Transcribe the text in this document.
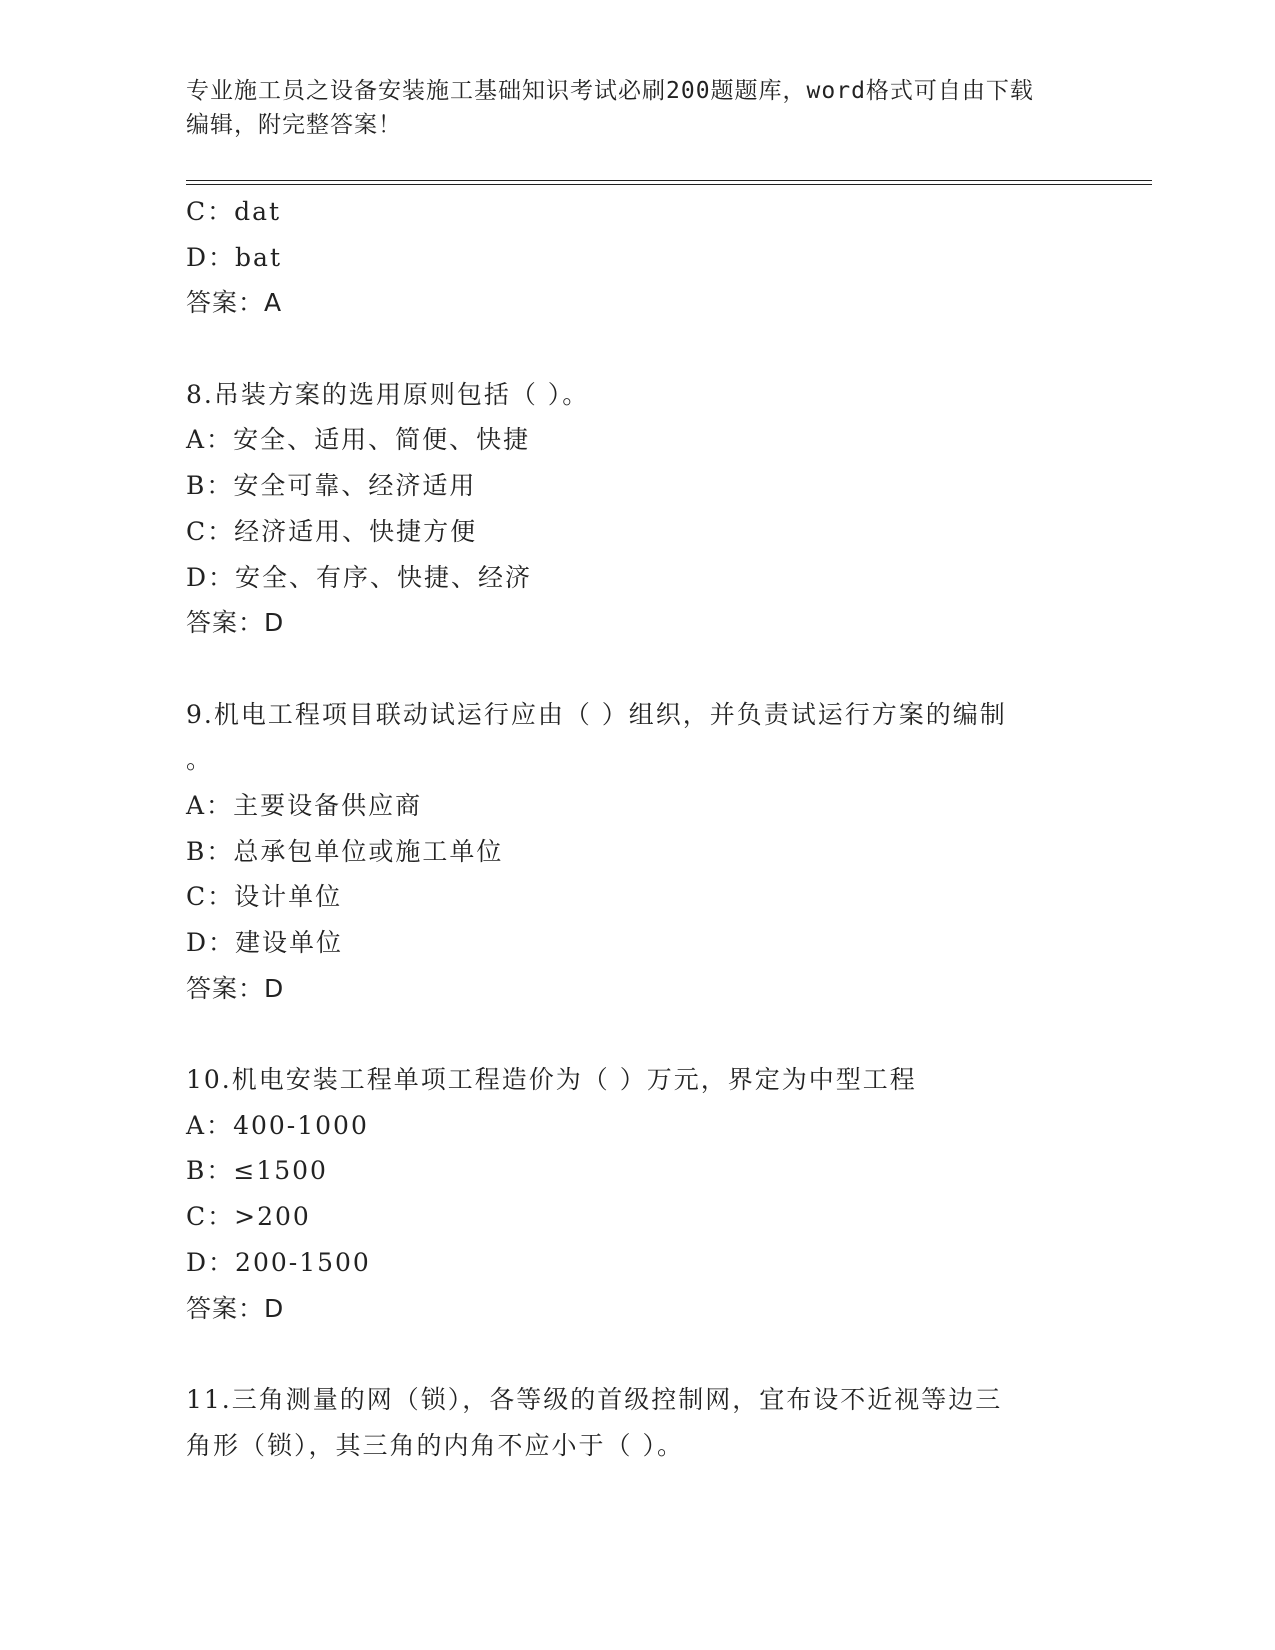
专业施工员之设备安装施工基础知识考试必刷200题题库，word格式可自由下载
编辑，附完整答案！
C：dat
D：bat
答案：A
8.吊装方案的选用原则包括（ ）。
A：安全、适用、简便、快捷
B：安全可靠、经济适用
C：经济适用、快捷方便
D：安全、有序、快捷、经济
答案：D
9.机电工程项目联动试运行应由（ ）组织，并负责试运行方案的编制
。
A：主要设备供应商
B：总承包单位或施工单位
C：设计单位
D：建设单位
答案：D
10.机电安装工程单项工程造价为（ ）万元，界定为中型工程
A：400-1000
B：≤1500
C：>200
D：200-1500
答案：D
11.三角测量的网（锁），各等级的首级控制网，宜布设不近视等边三
角形（锁），其三角的内角不应小于（ ）。
